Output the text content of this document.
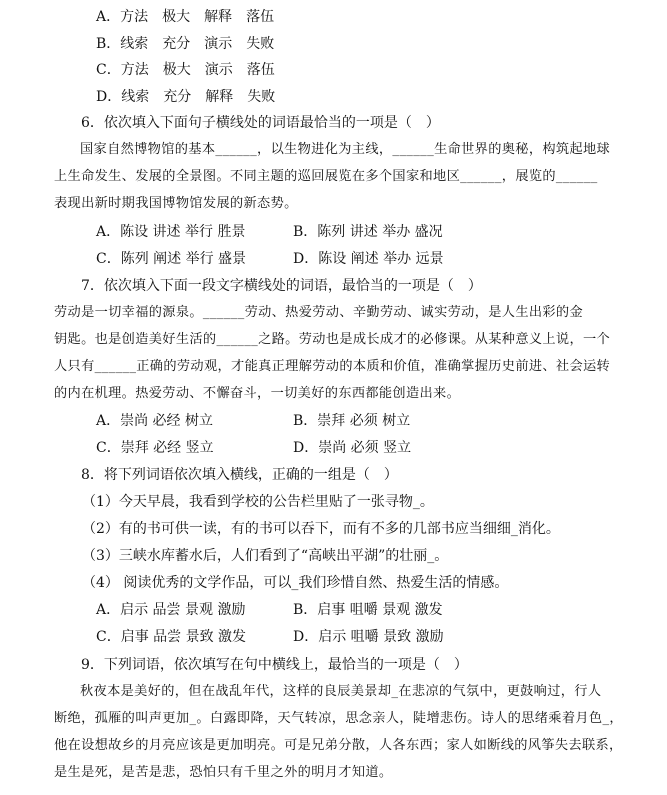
A．方法　极大　解释　落伍
B．线索　充分　演示　失败
C．方法　极大　演示　落伍
D．线索　充分　解释　失败
6．依次填入下面句子横线处的词语最恰当的一项是（　）
国家自然博物馆的基本______，以生物进化为主线，______生命世界的奥秘，构筑起地球
上生命发生、发展的全景图。不同主题的巡回展览在多个国家和地区______，展览的______
表现出新时期我国博物馆发展的新态势。
A．陈设 讲述 举行 胜景	B．陈列 讲述 举办 盛况
C．陈列 阐述 举行 盛景	D．陈设 阐述 举办 远景
7．依次填入下面一段文字横线处的词语，最恰当的一项是（　）
劳动是一切幸福的源泉。______劳动、热爱劳动、辛勤劳动、诚实劳动，是人生出彩的金
钥匙。也是创造美好生活的______之路。劳动也是成长成才的必修课。从某种意义上说，一个
人只有______正确的劳动观，才能真正理解劳动的本质和价值，准确掌握历史前进、社会运转
的内在机理。热爱劳动、不懈奋斗，一切美好的东西都能创造出来。
A．崇尚 必经 树立	B．崇拜 必须 树立
C．崇拜 必经 竖立	D．崇尚 必须 竖立
8．将下列词语依次填入横线，正确的一组是（　）
（1）今天早晨，我看到学校的公告栏里贴了一张寻物_。
（2）有的书可供一读，有的书可以吞下，而有不多的几部书应当细细_消化。
（3）三峡水库蓄水后，人们看到了“高峡出平湖”的壮丽_。
（4） 阅读优秀的文学作品，可以_我们珍惜自然、热爱生活的情感。
A．启示 品尝 景观 激励	B．启事 咀嚼 景观 激发
C．启事 品尝 景致 激发	D．启示 咀嚼 景致 激励
9．下列词语，依次填写在句中横线上，最恰当的一项是（　）
秋夜本是美好的，但在战乱年代，这样的良辰美景却_在悲凉的气氛中，更鼓响过，行人
断绝，孤雁的叫声更加_。白露即降，天气转凉，思念亲人，陡增悲伤。诗人的思绪乘着月色_，
他在设想故乡的月亮应该是更加明亮。可是兄弟分散，人各东西；家人如断线的风筝失去联系，
是生是死，是苦是悲，恐怕只有千里之外的明月才知道。
